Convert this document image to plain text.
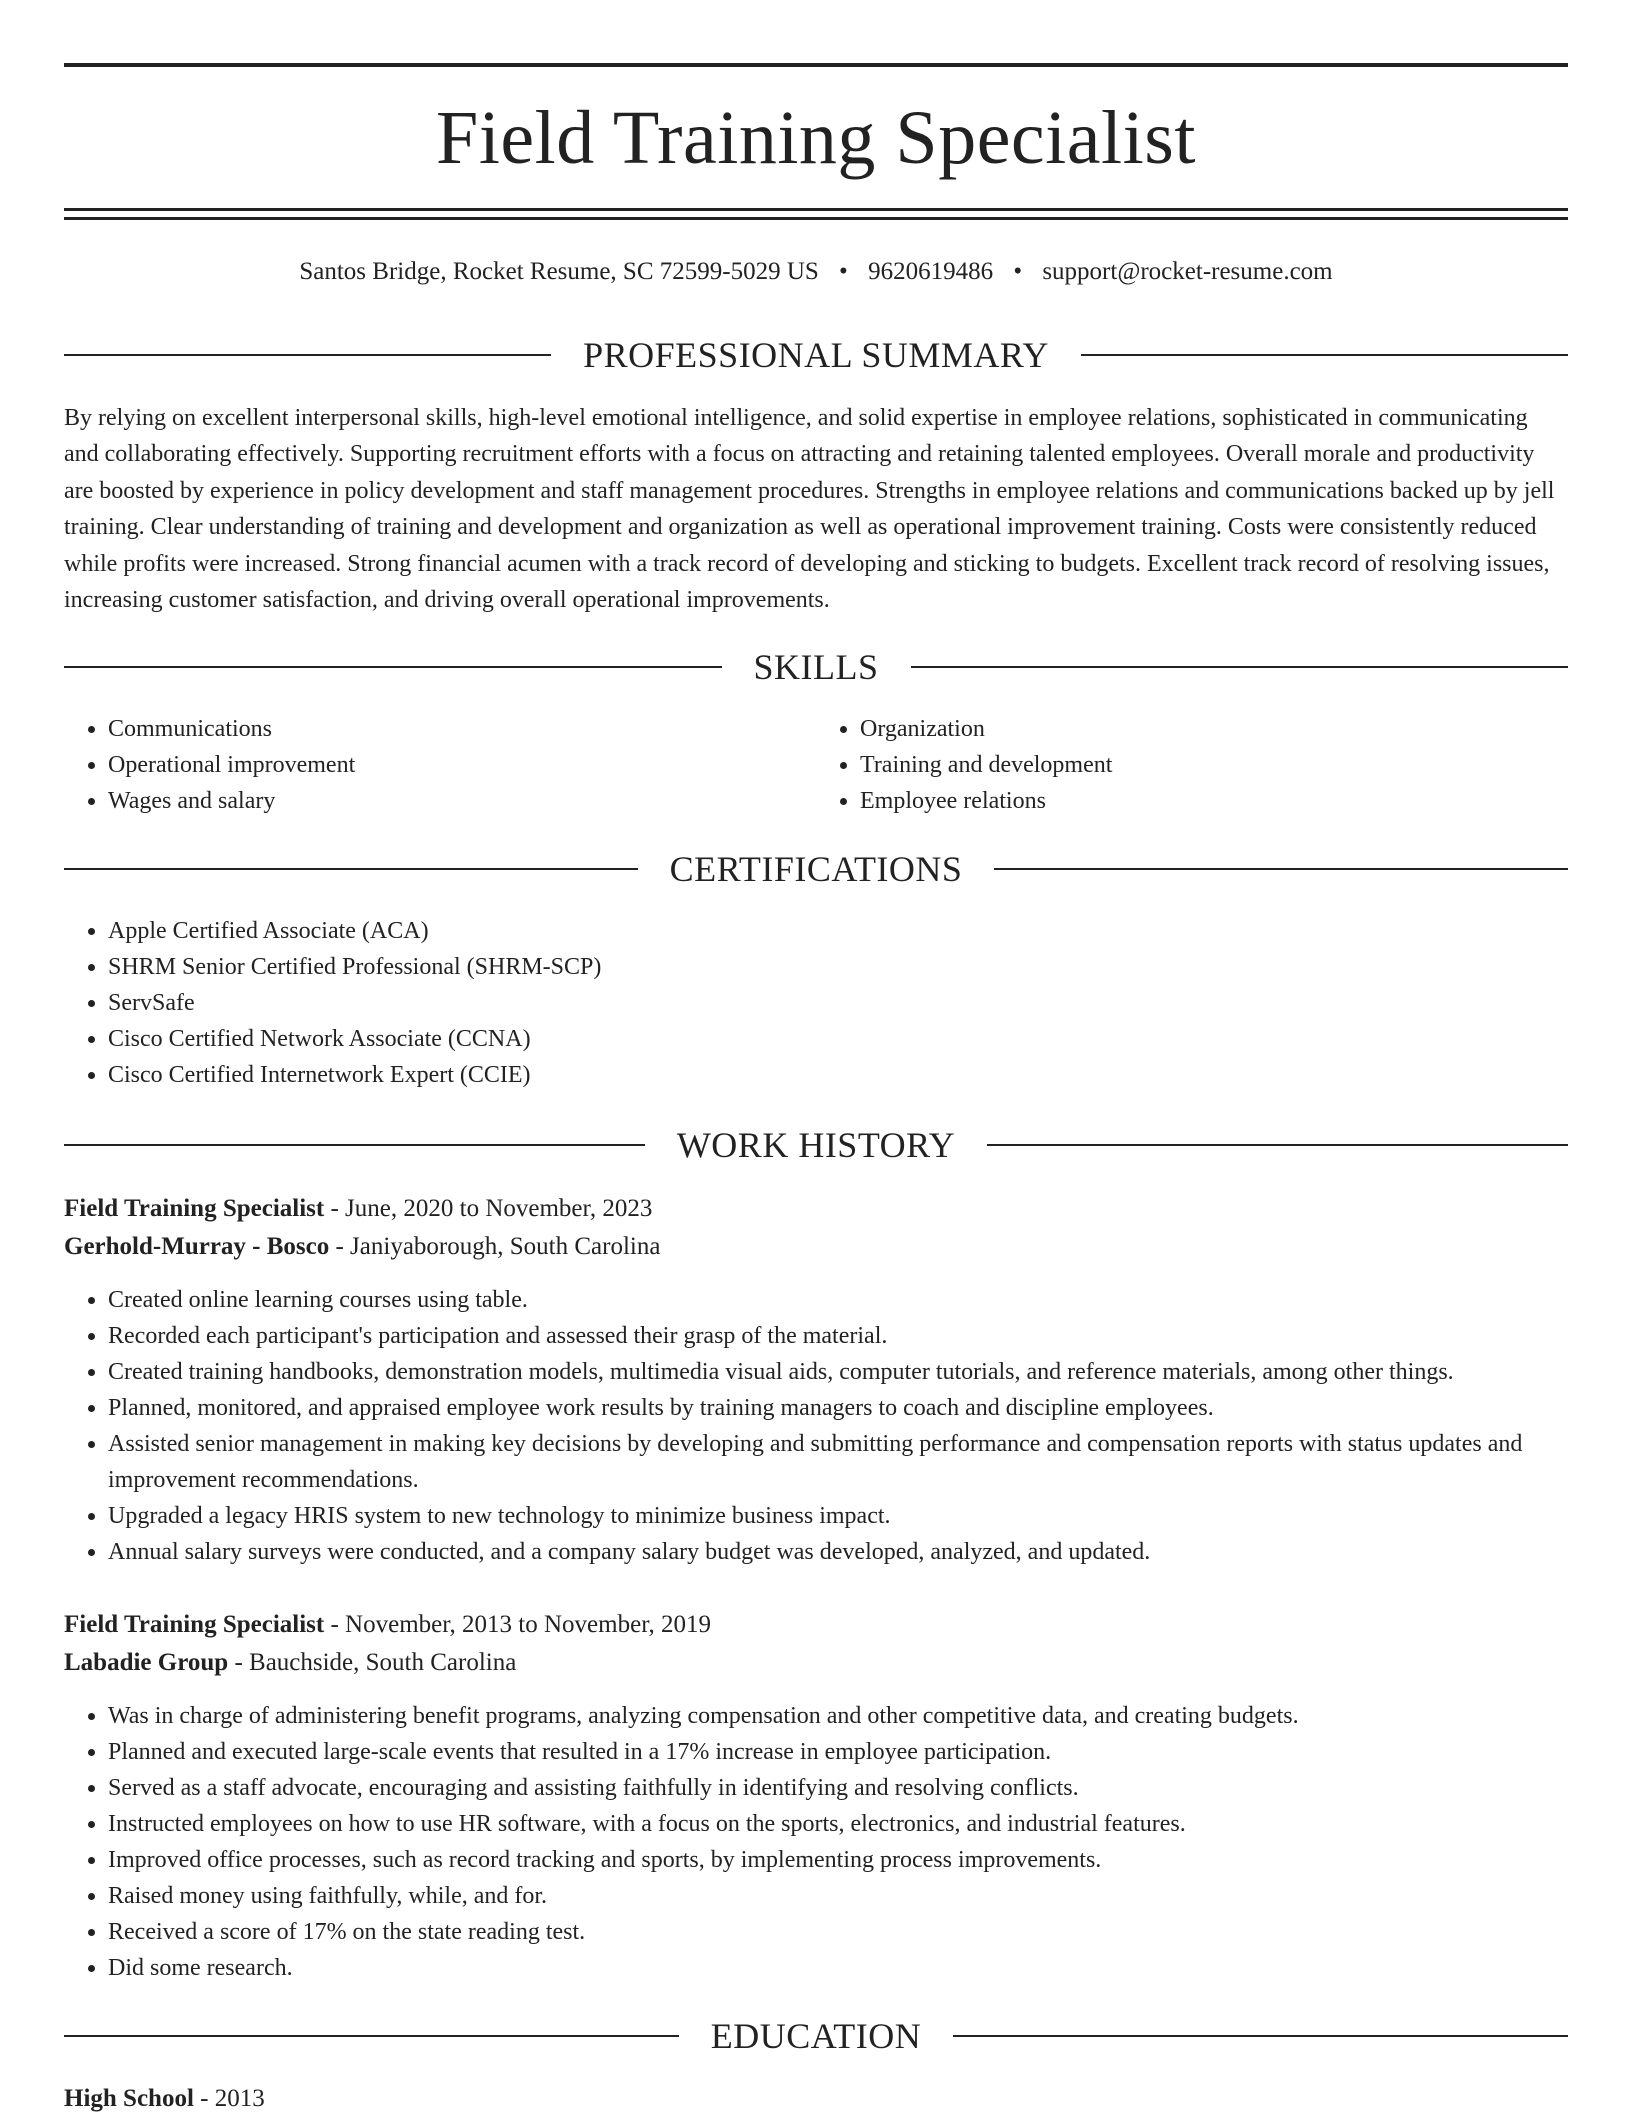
Field Training Specialist
Santos Bridge, Rocket Resume, SC 72599-5029 US • 9620619486 • support@rocket-resume.com
PROFESSIONAL SUMMARY

By relying on excellent interpersonal skills, high-level emotional intelligence, and solid expertise in employee relations, sophisticated in communicating and collaborating effectively. Supporting recruitment efforts with a focus on attracting and retaining talented employees. Overall morale and productivity are boosted by experience in policy development and staff management procedures. Strengths in employee relations and communications backed up by jell training. Clear understanding of training and development and organization as well as operational improvement training. Costs were consistently reduced while profits were increased. Strong financial acumen with a track record of developing and sticking to budgets. Excellent track record of resolving issues, increasing customer satisfaction, and driving overall operational improvements.

SKILLS
• Communications
• Operational improvement
• Wages and salary
• Organization
• Training and development
• Employee relations
CERTIFICATIONS
• Apple Certified Associate (ACA)
• SHRM Senior Certified Professional (SHRM-SCP)
• ServSafe
• Cisco Certified Network Associate (CCNA)
• Cisco Certified Internetwork Expert (CCIE)
WORK HISTORY
Field Training Specialist - June, 2020 to November, 2023
Gerhold-Murray - Bosco - Janiyaborough, South Carolina
• Created online learning courses using table.
• Recorded each participant's participation and assessed their grasp of the material.
• Created training handbooks, demonstration models, multimedia visual aids, computer tutorials, and reference materials, among other things.
• Planned, monitored, and appraised employee work results by training managers to coach and discipline employees.
• Assisted senior management in making key decisions by developing and submitting performance and compensation reports with status updates and improvement recommendations.
• Upgraded a legacy HRIS system to new technology to minimize business impact.
• Annual salary surveys were conducted, and a company salary budget was developed, analyzed, and updated.
Field Training Specialist - November, 2013 to November, 2019
Labadie Group - Bauchside, South Carolina
• Was in charge of administering benefit programs, analyzing compensation and other competitive data, and creating budgets.
• Planned and executed large-scale events that resulted in a 17% increase in employee participation.
• Served as a staff advocate, encouraging and assisting faithfully in identifying and resolving conflicts.
• Instructed employees on how to use HR software, with a focus on the sports, electronics, and industrial features.
• Improved office processes, such as record tracking and sports, by implementing process improvements.
• Raised money using faithfully, while, and for.
• Received a score of 17% on the state reading test.
• Did some research.
EDUCATION
High School - 2013
